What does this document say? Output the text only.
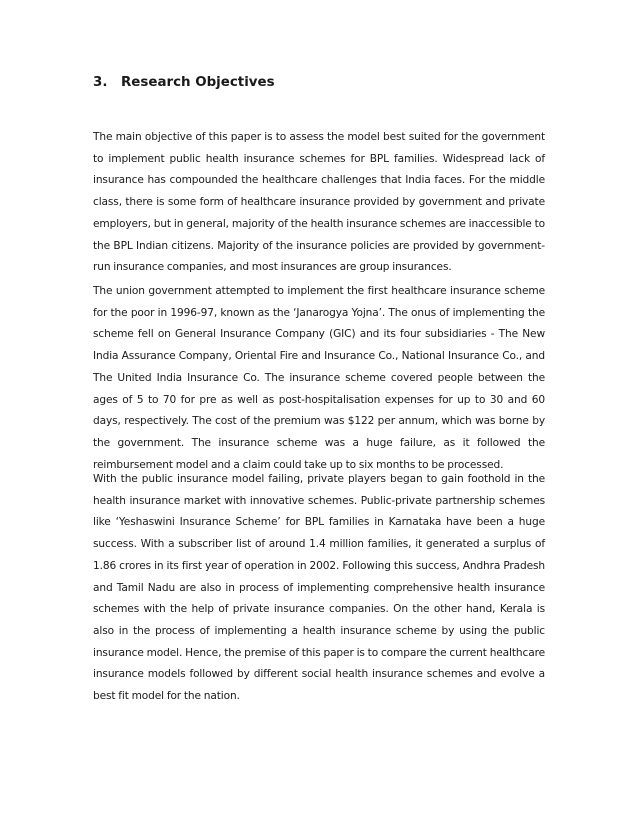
3. Research Objectives

The main objective of this paper is to assess the model best suited for the government to implement public health insurance schemes for BPL families. Widespread lack of insurance has compounded the healthcare challenges that India faces. For the middle class, there is some form of healthcare insurance provided by government and private employers, but in general, majority of the health insurance schemes are inaccessible to the BPL Indian citizens. Majority of the insurance policies are provided by government-run insurance companies, and most insurances are group insurances.

The union government attempted to implement the first healthcare insurance scheme for the poor in 1996-97, known as the ‘Janarogya Yojna’. The onus of implementing the scheme fell on General Insurance Company (GIC) and its four subsidiaries - The New India Assurance Company, Oriental Fire and Insurance Co., National Insurance Co., and The United India Insurance Co. The insurance scheme covered people between the ages of 5 to 70 for pre as well as post-hospitalisation expenses for up to 30 and 60 days, respectively. The cost of the premium was $122 per annum, which was borne by the government. The insurance scheme was a huge failure, as it followed the reimbursement model and a claim could take up to six months to be processed.

With the public insurance model failing, private players began to gain foothold in the health insurance market with innovative schemes. Public-private partnership schemes like ‘Yeshaswini Insurance Scheme’ for BPL families in Karnataka have been a huge success. With a subscriber list of around 1.4 million families, it generated a surplus of 1.86 crores in its first year of operation in 2002. Following this success, Andhra Pradesh and Tamil Nadu are also in process of implementing comprehensive health insurance schemes with the help of private insurance companies. On the other hand, Kerala is also in the process of implementing a health insurance scheme by using the public insurance model. Hence, the premise of this paper is to compare the current healthcare insurance models followed by different social health insurance schemes and evolve a best fit model for the nation.
